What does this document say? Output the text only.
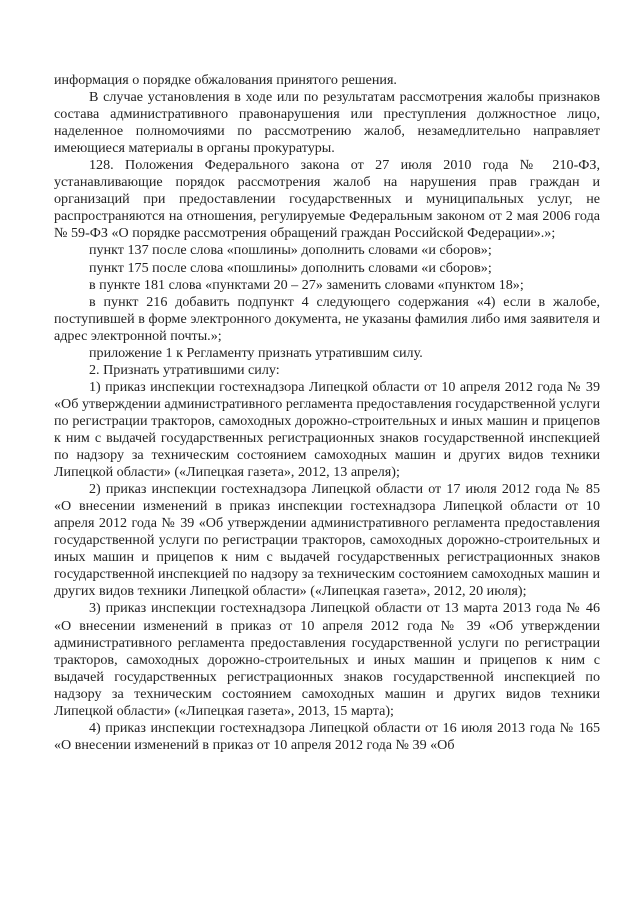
информация о порядке обжалования принятого решения.

В случае установления в ходе или по результатам рассмотрения жалобы признаков состава административного правонарушения или преступления должностное лицо, наделенное полномочиями по рассмотрению жалоб, незамедлительно направляет имеющиеся материалы в органы прокуратуры.

128. Положения Федерального закона от 27 июля 2010 года № 210-ФЗ, устанавливающие порядок рассмотрения жалоб на нарушения прав граждан и организаций при предоставлении государственных и муниципальных услуг, не распространяются на отношения, регулируемые Федеральным законом от 2 мая 2006 года № 59-ФЗ «О порядке рассмотрения обращений граждан Российской Федерации».»;

пункт 137 после слова «пошлины» дополнить словами «и сборов»;

пункт 175 после слова «пошлины» дополнить словами «и сборов»;

в пункте 181 слова «пунктами 20 – 27» заменить словами «пунктом 18»;

в пункт 216 добавить подпункт 4 следующего содержания «4) если в жалобе, поступившей в форме электронного документа, не указаны фамилия либо имя заявителя и адрес электронной почты.»;

приложение 1 к Регламенту признать утратившим силу.

2. Признать утратившими силу:

1) приказ инспекции гостехнадзора Липецкой области от 10 апреля 2012 года № 39 «Об утверждении административного регламента предоставления государственной услуги по регистрации тракторов, самоходных дорожно-строительных и иных машин и прицепов к ним с выдачей государственных регистрационных знаков государственной инспекцией по надзору за техническим состоянием самоходных машин и других видов техники Липецкой области» («Липецкая газета», 2012, 13 апреля);

2) приказ инспекции гостехнадзора Липецкой области от 17 июля 2012 года № 85 «О внесении изменений в приказ инспекции гостехнадзора Липецкой области от 10 апреля 2012 года № 39 «Об утверждении административного регламента предоставления государственной услуги по регистрации тракторов, самоходных дорожно-строительных и иных машин и прицепов к ним с выдачей государственных регистрационных знаков государственной инспекцией по надзору за техническим состоянием самоходных машин и других видов техники Липецкой области» («Липецкая газета», 2012, 20 июля);

3) приказ инспекции гостехнадзора Липецкой области от 13 марта 2013 года № 46 «О внесении изменений в приказ от 10 апреля 2012 года № 39 «Об утверждении административного регламента предоставления государственной услуги по регистрации тракторов, самоходных дорожно-строительных и иных машин и прицепов к ним с выдачей государственных регистрационных знаков государственной инспекцией по надзору за техническим состоянием самоходных машин и других видов техники Липецкой области» («Липецкая газета», 2013, 15 марта);

4) приказ инспекции гостехнадзора Липецкой области от 16 июля 2013 года № 165 «О внесении изменений в приказ от 10 апреля 2012 года № 39 «Об
